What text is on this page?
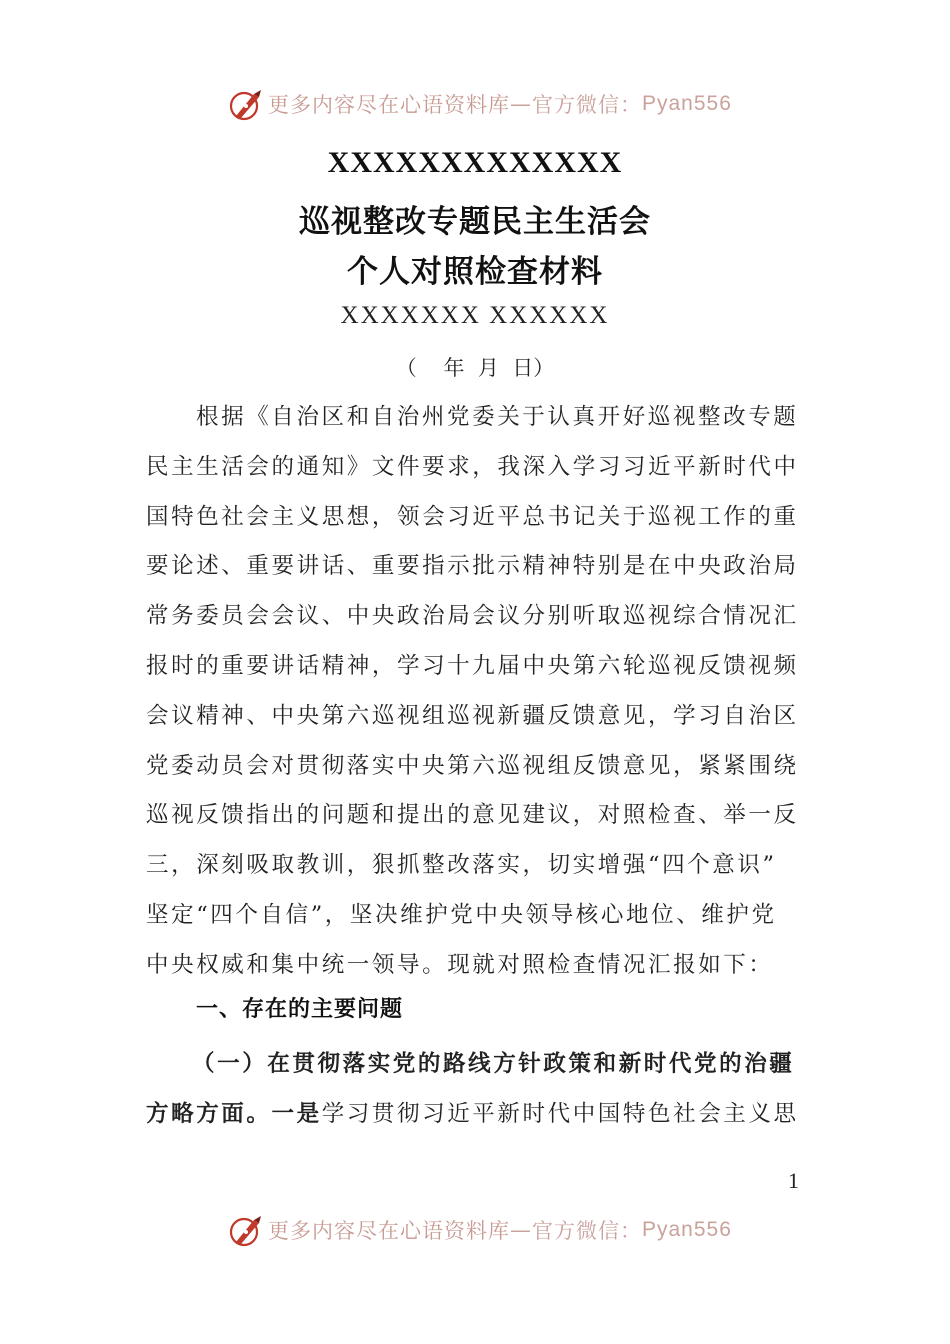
更多内容尽在心语资料库 — 官方微信： Pyan556
XXXXXXXXXXXXX
巡视整改专题民主生活会
个人对照检查材料
XXXXXXX XXXXXX
（    年  月  日）
根据《自治区和自治州党委关于认真开好巡视整改专题
民主生活会的通知》文件要求，我深入学习习近平新时代中
国特色社会主义思想，领会习近平总书记关于巡视工作的重
要论述、重要讲话、重要指示批示精神特别是在中央政治局
常务委员会会议、中央政治局会议分别听取巡视综合情况汇
报时的重要讲话精神，学习十九届中央第六轮巡视反馈视频
会议精神、中央第六巡视组巡视新疆反馈意见，学习自治区
党委动员会对贯彻落实中央第六巡视组反馈意见，紧紧围绕
巡视反馈指出的问题和提出的意见建议，对照检查、举一反
三，深刻吸取教训，狠抓整改落实，切实增强“四个意识”
坚定“四个自信”，坚决维护党中央领导核心地位、维护党
中央权威和集中统一领导。现就对照检查情况汇报如下：
一、存在的主要问题
（一）在贯彻落实党的路线方针政策和新时代党的治疆
方略方面。一是学习贯彻习近平新时代中国特色社会主义思
1
更多内容尽在心语资料库 — 官方微信： Pyan556
